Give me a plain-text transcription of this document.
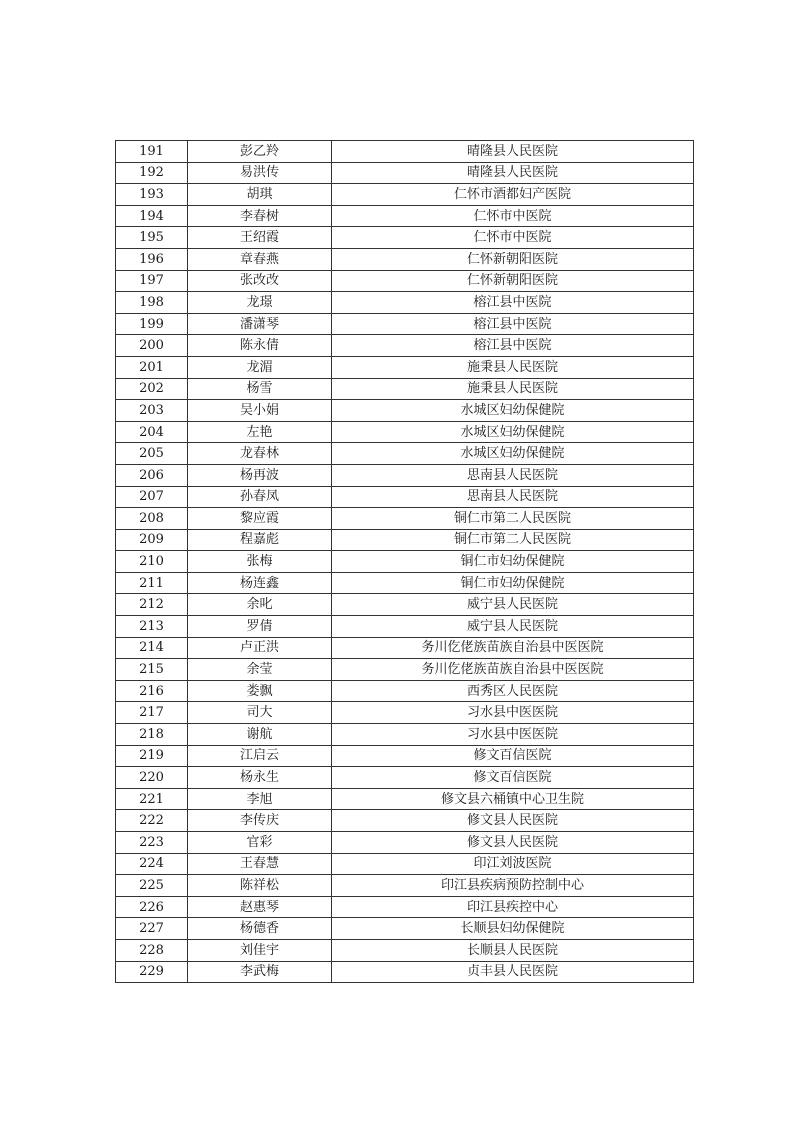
191	彭乙羚	晴隆县人民医院
192	易洪传	晴隆县人民医院
193	胡琪	仁怀市酒都妇产医院
194	李春树	仁怀市中医院
195	王绍霞	仁怀市中医院
196	章春燕	仁怀新朝阳医院
197	张改改	仁怀新朝阳医院
198	龙璟	榕江县中医院
199	潘潇琴	榕江县中医院
200	陈永倩	榕江县中医院
201	龙湄	施秉县人民医院
202	杨雪	施秉县人民医院
203	吴小娟	水城区妇幼保健院
204	左艳	水城区妇幼保健院
205	龙春林	水城区妇幼保健院
206	杨再波	思南县人民医院
207	孙春凤	思南县人民医院
208	黎应霞	铜仁市第二人民医院
209	程嘉彪	铜仁市第二人民医院
210	张梅	铜仁市妇幼保健院
211	杨连鑫	铜仁市妇幼保健院
212	余叱	威宁县人民医院
213	罗倩	威宁县人民医院
214	卢正洪	务川仡佬族苗族自治县中医医院
215	余莹	务川仡佬族苗族自治县中医医院
216	娄飘	西秀区人民医院
217	司大	习水县中医医院
218	谢航	习水县中医医院
219	江启云	修文百信医院
220	杨永生	修文百信医院
221	李旭	修文县六桶镇中心卫生院
222	李传庆	修文县人民医院
223	官彩	修文县人民医院
224	王春慧	印江刘波医院
225	陈祥松	印江县疾病预防控制中心
226	赵惠琴	印江县疾控中心
227	杨德香	长顺县妇幼保健院
228	刘佳宇	长顺县人民医院
229	李武梅	贞丰县人民医院
